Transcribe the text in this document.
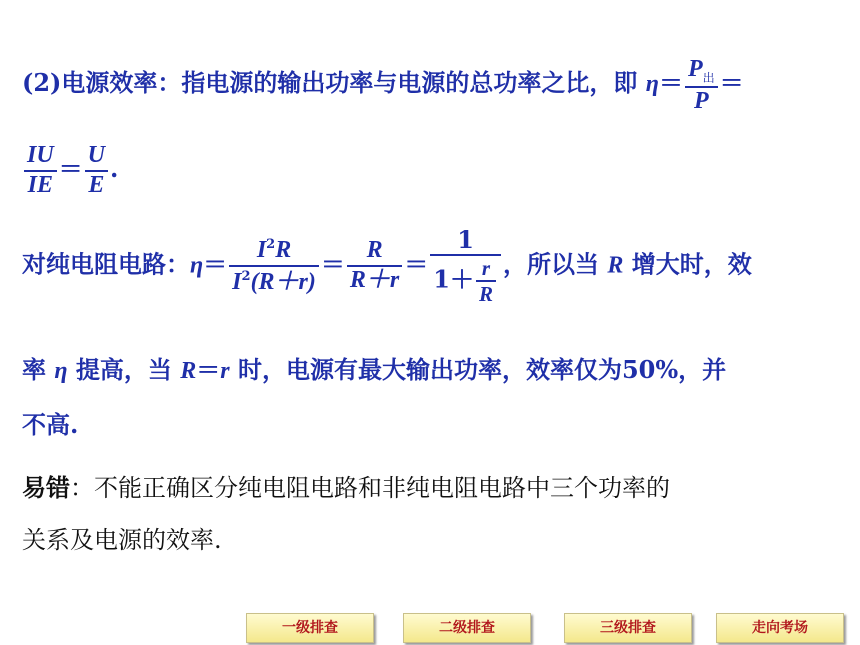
(2)电源效率：指电源的输出功率与电源的总功率之比，即 $\eta= \frac{P_出}{P}$ ＝
$\frac{IU}{IE} = \frac{U}{E}$ .
对纯电阻电路：$\eta= \frac{I^2R}{I^2(R+r)} = \frac{R}{R+r} = \frac{1}{1+ \frac{r}{R}}$ ，所以当 R 增大时，效
率 η 提高，当 R＝r 时，电源有最大输出功率，效率仅为50%，并
不高.
易错：不能正确区分纯电阻电路和非纯电阻电路中三个功率的
关系及电源的效率.
一级排查	二级排查	三级排查	走向考场
